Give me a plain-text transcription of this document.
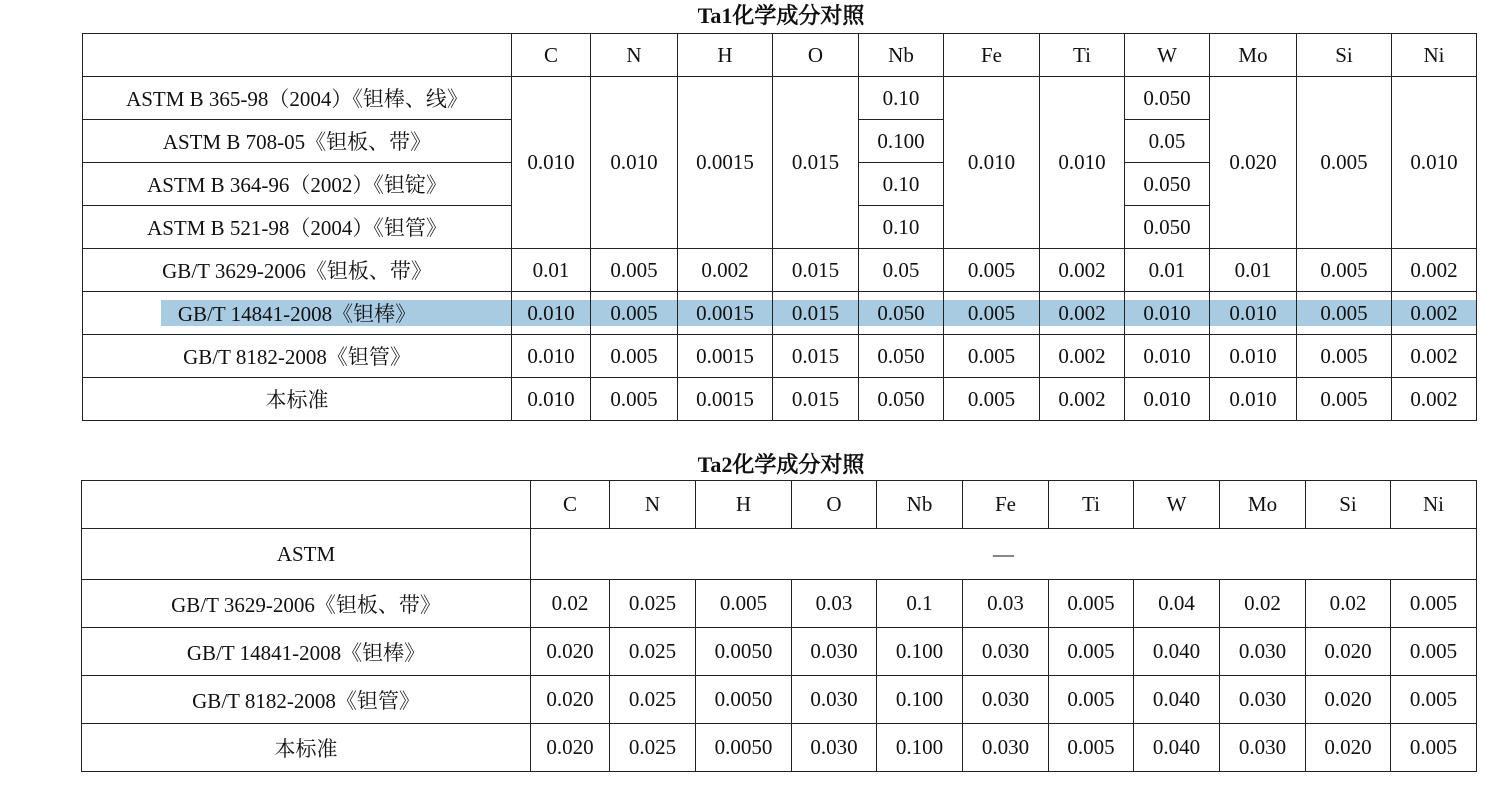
Ta1化学成分对照
	C	N	H	O	Nb	Fe	Ti	W	Mo	Si	Ni
ASTM B 365-98（2004）《钽棒、线》	0.010	0.010	0.0015	0.015	0.10	0.010	0.010	0.050	0.020	0.005	0.010
ASTM B 708-05《钽板、带》					0.100			0.05			
ASTM B 364-96（2002）《钽锭》					0.10			0.050			
ASTM B 521-98（2004）《钽管》					0.10			0.050			
GB/T 3629-2006《钽板、带》	0.01	0.005	0.002	0.015	0.05	0.005	0.002	0.01	0.01	0.005	0.002

GB/T 14841-2008《钽棒》	0.010	0.005	0.0015	0.015	0.050	0.005	0.002	0.010	0.010	0.005	0.002
GB/T 8182-2008《钽管》	0.010	0.005	0.0015	0.015	0.050	0.005	0.002	0.010	0.010	0.005	0.002
本标准	0.010	0.005	0.0015	0.015	0.050	0.005	0.002	0.010	0.010	0.005	0.002
Ta2化学成分对照
	C	N	H	O	Nb	Fe	Ti	W	Mo	Si	Ni
ASTM	—										
GB/T 3629-2006《钽板、带》	0.02	0.025	0.005	0.03	0.1	0.03	0.005	0.04	0.02	0.02	0.005
GB/T 14841-2008《钽棒》	0.020	0.025	0.0050	0.030	0.100	0.030	0.005	0.040	0.030	0.020	0.005
GB/T 8182-2008《钽管》	0.020	0.025	0.0050	0.030	0.100	0.030	0.005	0.040	0.030	0.020	0.005
本标准	0.020	0.025	0.0050	0.030	0.100	0.030	0.005	0.040	0.030	0.020	0.005
